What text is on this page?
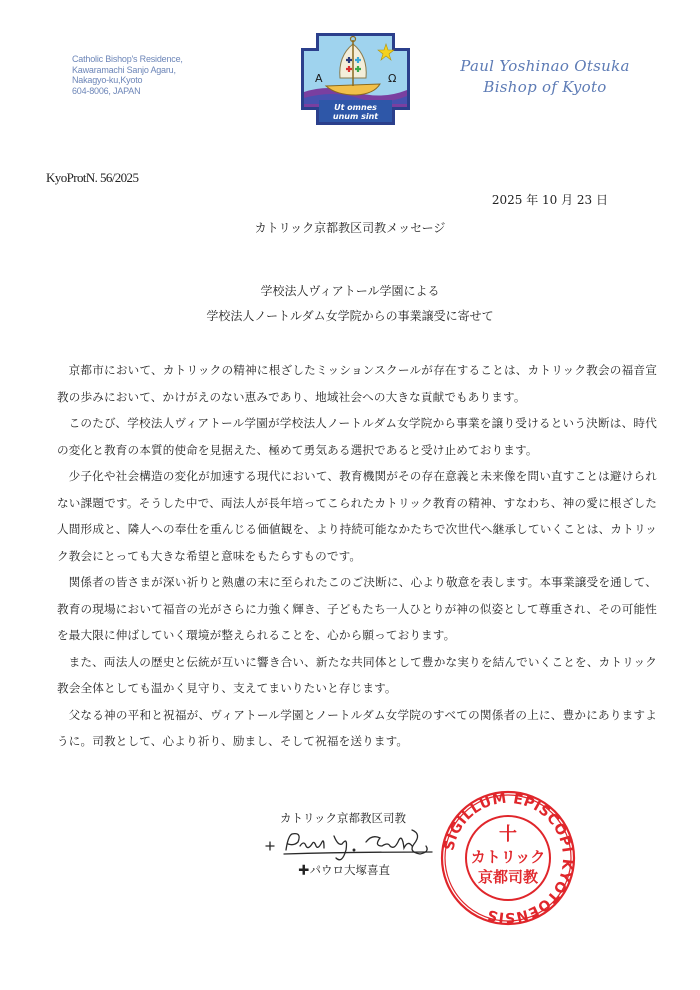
Catholic Bishop's Residence,
Kawaramachi Sanjo Agaru,
Nakagyo-ku,Kyoto
604-8006, JAPAN
Ut omnes
unum sint
A	Ω
Paul Yoshinao Otsuka
Bishop of Kyoto
KyoProtN. 56/2025
2025 年 10 月 23 日
カトリック京都教区司教メッセージ
学校法人ヴィアトール学園による
学校法人ノートルダム女学院からの事業譲受に寄せて

京都市において、カトリックの精神に根ざしたミッションスクールが存在することは、カトリック教会の福音宣教の歩みにおいて、かけがえのない恵みであり、地域社会への大きな貢献でもあります。

このたび、学校法人ヴィアトール学園が学校法人ノートルダム女学院から事業を譲り受けるという決断は、時代の変化と教育の本質的使命を見据えた、極めて勇気ある選択であると受け止めております。

少子化や社会構造の変化が加速する現代において、教育機関がその存在意義と未来像を問い直すことは避けられない課題です。そうした中で、両法人が長年培ってこられたカトリック教育の精神、すなわち、神の愛に根ざした人間形成と、隣人への奉仕を重んじる価値観を、より持続可能なかたちで次世代へ継承していくことは、カトリック教会にとっても大きな希望と意味をもたらすものです。

関係者の皆さまが深い祈りと熟慮の末に至られたこのご決断に、心より敬意を表します。本事業譲受を通して、教育の現場において福音の光がさらに力強く輝き、子どもたち一人ひとりが神の似姿として尊重され、その可能性を最大限に伸ばしていく環境が整えられることを、心から願っております。

また、両法人の歴史と伝統が互いに響き合い、新たな共同体として豊かな実りを結んでいくことを、カトリック教会全体としても温かく見守り、支えてまいりたいと存じます。

父なる神の平和と祝福が、ヴィアトール学園とノートルダム女学院のすべての関係者の上に、豊かにありますように。司教として、心より祈り、励まし、そして祝福を送ります。

カトリック京都教区司教
✚パウロ大塚喜直
SIGILLUM EPISCOPI KYOTOENSIS
十
カトリック
京都司教
